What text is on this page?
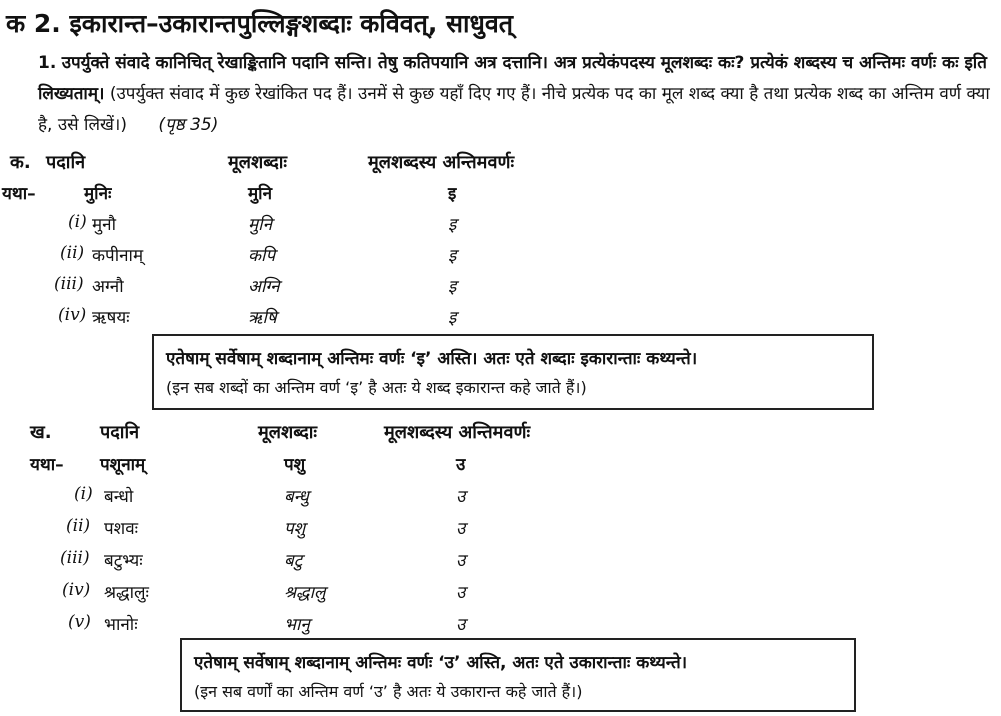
क 2. इकारान्त–उकारान्तपुल्लिङ्गशब्दाः कविवत्, साधुवत्
1. उपर्युक्ते संवादे कानिचित् रेखाङ्कितानि पदानि सन्ति। तेषु कतिपयानि अत्र दत्तानि। अत्र प्रत्येकंपदस्य मूलशब्दः कः? प्रत्येकं शब्दस्य च अन्तिमः वर्णः कः इति लिख्यताम्। (उपर्युक्त संवाद में कुछ रेखांकित पद हैं। उनमें से कुछ यहाँ दिए गए हैं। नीचे प्रत्येक पद का मूल शब्द क्या है तथा प्रत्येक शब्द का अन्तिम वर्ण क्या है, उसे लिखें।) (पृष्ठ 35)
क. पदानि	मूलशब्दाः	मूलशब्दस्य अन्तिमवर्णः
यथा–	मुनिः	मुनि	इ
(i) मुनौ	मुनि	इ
(ii) कपीनाम्	कपि	इ
(iii) अग्नौ	अग्नि	इ
(iv) ऋषयः	ऋषि	इ
एतेषाम् सर्वेषाम् शब्दानाम् अन्तिमः वर्णः ‘इ’ अस्ति। अतः एते शब्दाः इकारान्ताः कथ्यन्ते।
(इन सब शब्दों का अन्तिम वर्ण ‘इ’ है अतः ये शब्द इकारान्त कहे जाते हैं।)
ख.	पदानि	मूलशब्दाः	मूलशब्दस्य अन्तिमवर्णः
यथा– पशूनाम्	पशु	उ
(i) बन्धो	बन्धु	उ
(ii) पशवः	पशु	उ
(iii) बटुभ्यः	बटु	उ
(iv) श्रद्धालुः	श्रद्धालु	उ
(v) भानोः	भानु	उ
एतेषाम् सर्वेषाम् शब्दानाम् अन्तिमः वर्णः ‘उ’ अस्ति, अतः एते उकारान्ताः कथ्यन्ते।
(इन सब वर्णों का अन्तिम वर्ण ‘उ’ है अतः ये उकारान्त कहे जाते हैं।)
